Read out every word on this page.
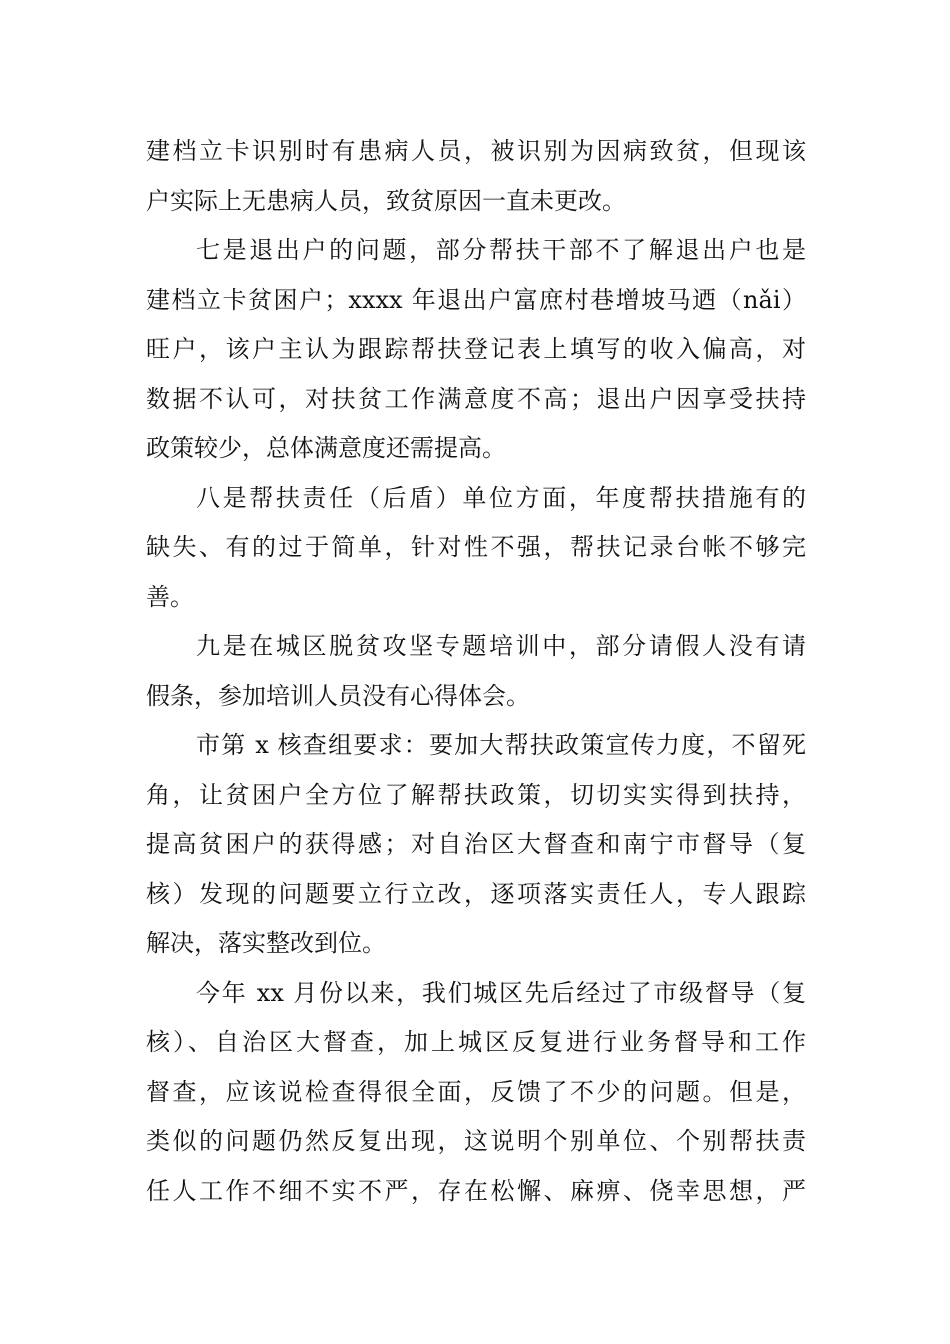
建档立卡识别时有患病人员，被识别为因病致贫，但现该
户实际上无患病人员，致贫原因一直未更改。
七是退出户的问题，部分帮扶干部不了解退出户也是
建档立卡贫困户；xxxx 年退出户富庶村巷增坡马迺（nǎi）
旺户，该户主认为跟踪帮扶登记表上填写的收入偏高，对
数据不认可，对扶贫工作满意度不高；退出户因享受扶持
政策较少，总体满意度还需提高。
八是帮扶责任（后盾）单位方面，年度帮扶措施有的
缺失、有的过于简单，针对性不强，帮扶记录台帐不够完
善。
九是在城区脱贫攻坚专题培训中，部分请假人没有请
假条，参加培训人员没有心得体会。
市第 x 核查组要求：要加大帮扶政策宣传力度，不留死
角，让贫困户全方位了解帮扶政策，切切实实得到扶持，
提高贫困户的获得感；对自治区大督查和南宁市督导（复
核）发现的问题要立行立改，逐项落实责任人，专人跟踪
解决，落实整改到位。
今年 xx 月份以来，我们城区先后经过了市级督导（复
核）、自治区大督查，加上城区反复进行业务督导和工作
督查，应该说检查得很全面，反馈了不少的问题。但是，
类似的问题仍然反复出现，这说明个别单位、个别帮扶责
任人工作不细不实不严，存在松懈、麻痹、侥幸思想，严
